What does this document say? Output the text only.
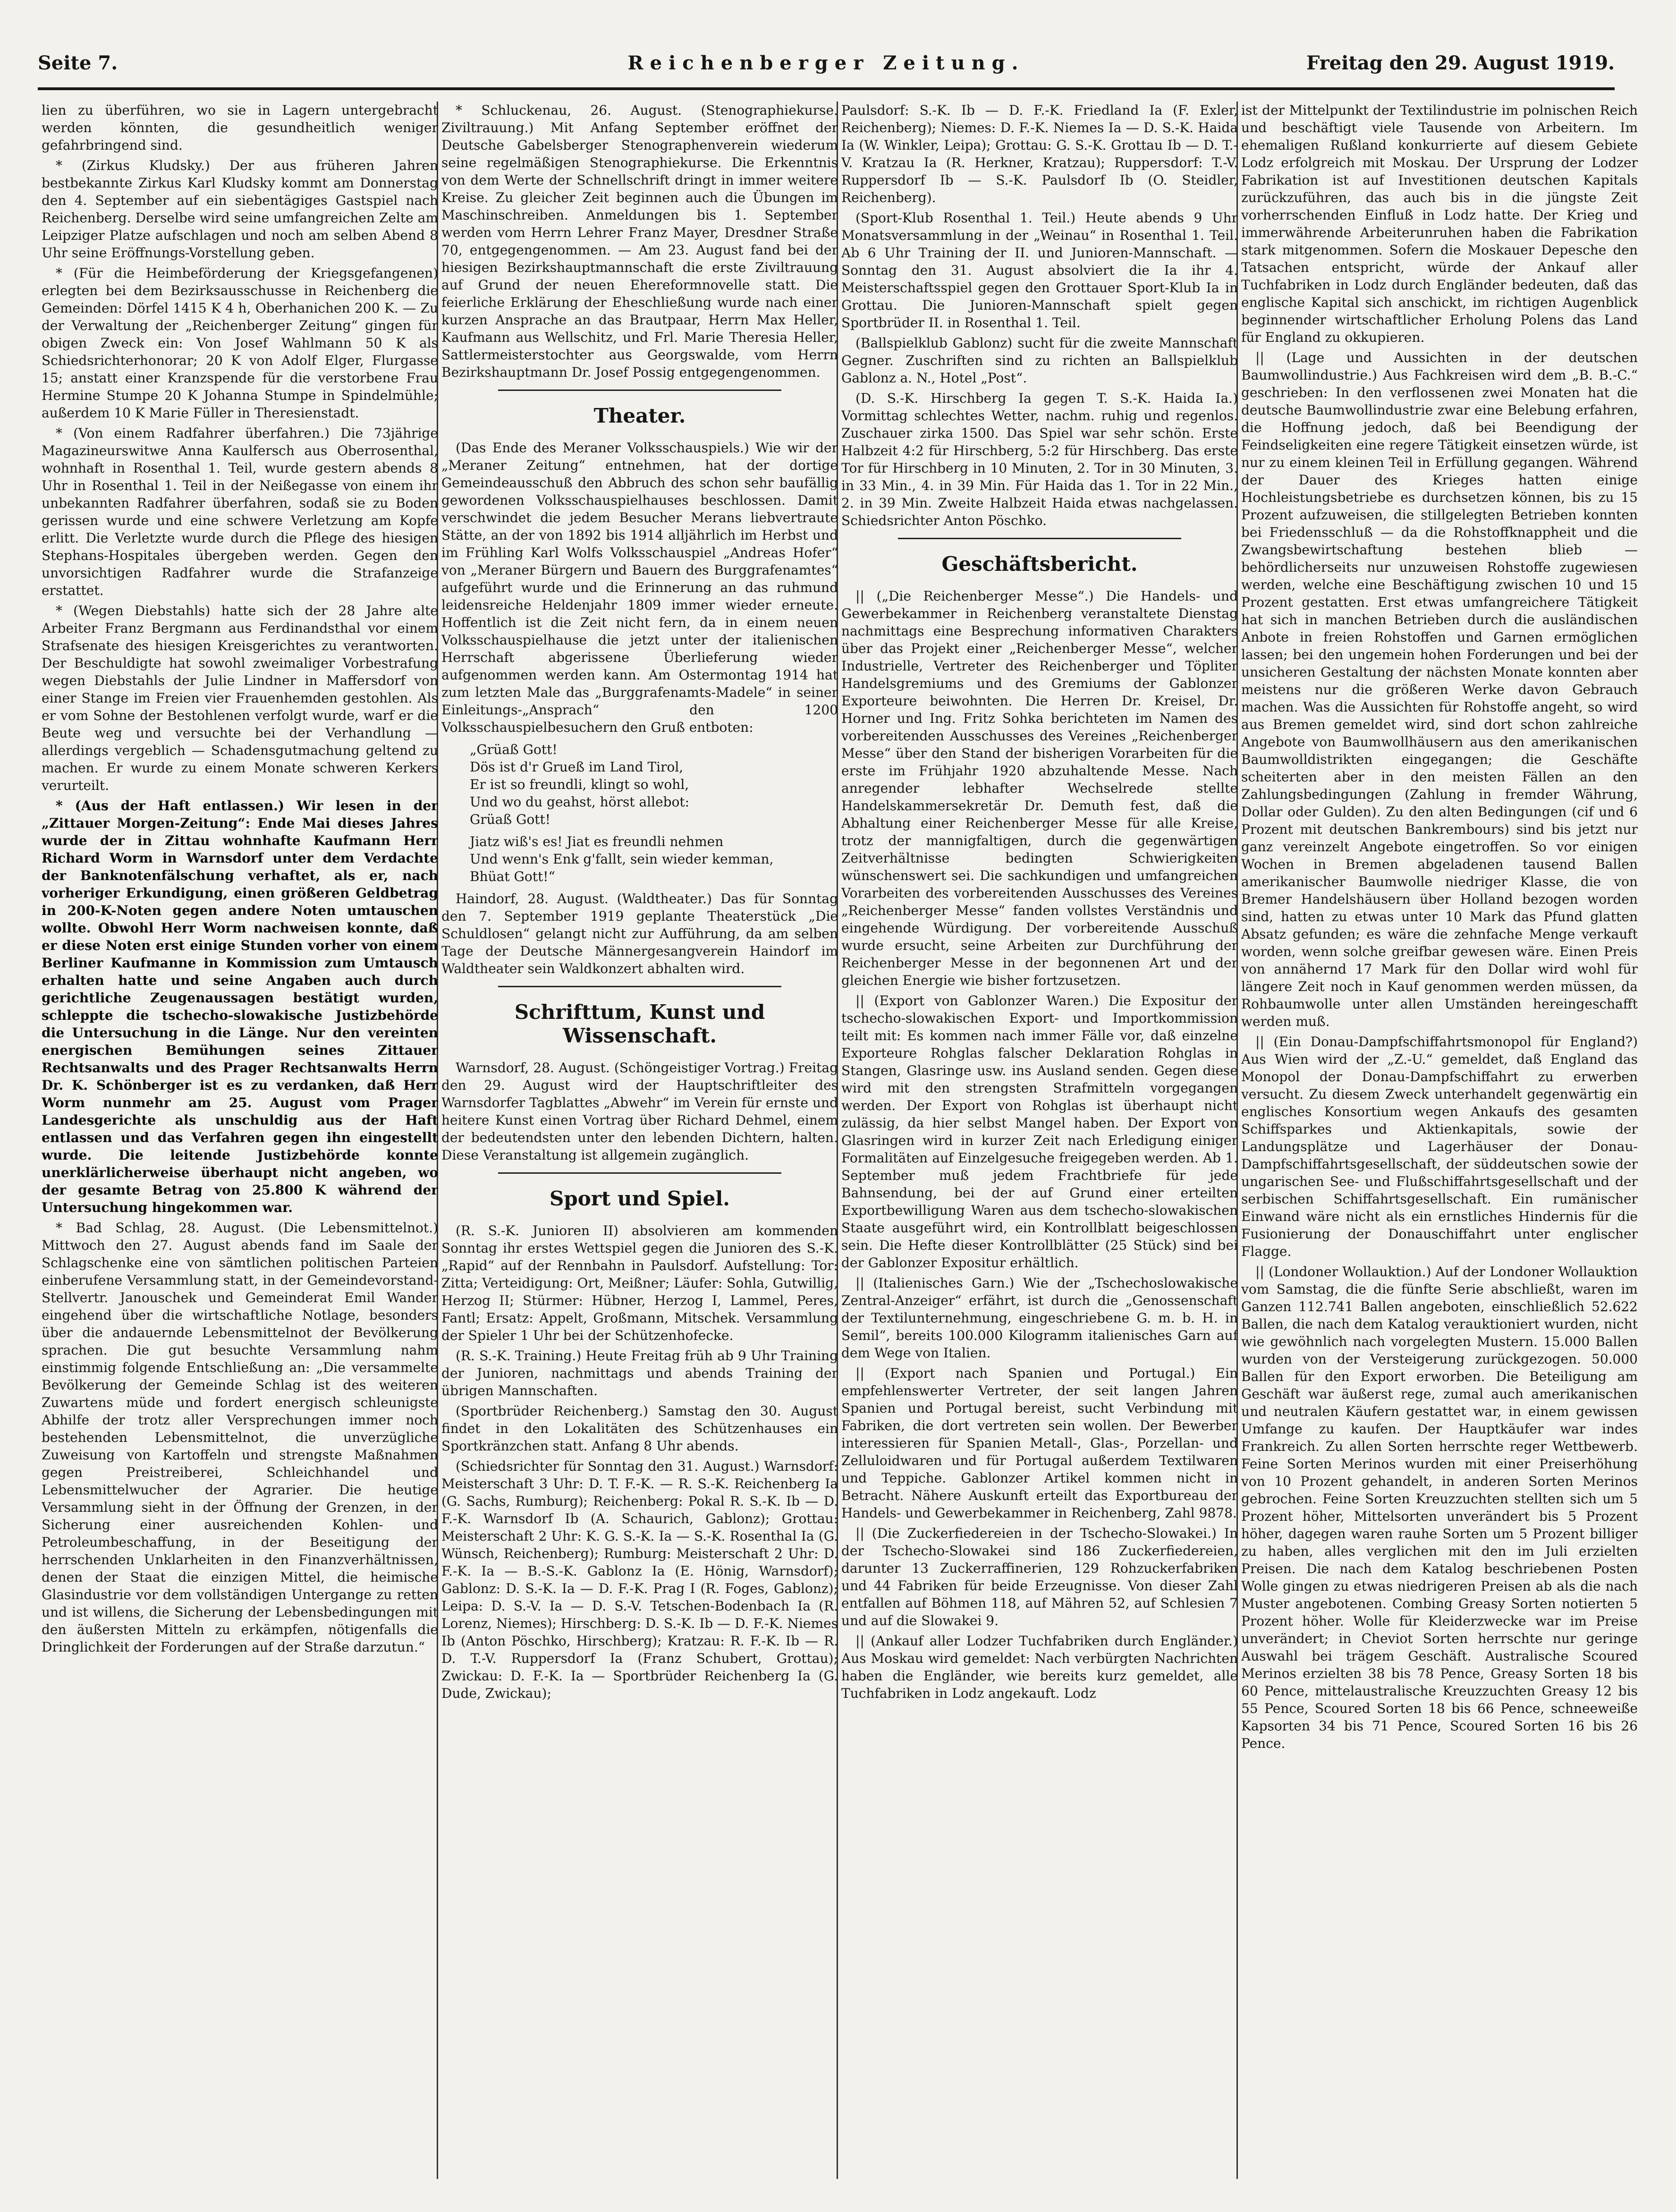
Seite 7.	Reichenberger Zeitung.	Freitag den 29. August 1919.

lien zu überführen, wo sie in Lagern untergebracht werden könnten, die gesundheitlich weniger gefahrbringend sind.

* (Zirkus Kludsky.) Der aus früheren Jahren bestbekannte Zirkus Karl Kludsky kommt am Donnerstag den 4. September auf ein siebentägiges Gastspiel nach Reichenberg. Derselbe wird seine umfangreichen Zelte am Leipziger Platze aufschlagen und noch am selben Abend 8 Uhr seine Eröffnungs-Vorstellung geben.

* (Für die Heimbeförderung der Kriegsgefangenen) erlegten bei dem Bezirksausschusse in Reichenberg die Gemeinden: Dörfel 1415 K 4 h, Oberhanichen 200 K. — Zu der Verwaltung der „Reichenberger Zeitung“ gingen für obigen Zweck ein: Von Josef Wahlmann 50 K als Schiedsrichterhonorar; 20 K von Adolf Elger, Flurgasse 15; anstatt einer Kranzspende für die verstorbene Frau Hermine Stumpe 20 K Johanna Stumpe in Spindelmühle; außerdem 10 K Marie Füller in Theresienstadt.

* (Von einem Radfahrer überfahren.) Die 73jährige Magazineurswitwe Anna Kaulfersch aus Oberrosenthal, wohnhaft in Rosenthal 1. Teil, wurde gestern abends 8 Uhr in Rosenthal 1. Teil in der Neißegasse von einem ihr unbekannten Radfahrer überfahren, sodaß sie zu Boden gerissen wurde und eine schwere Verletzung am Kopfe erlitt. Die Verletzte wurde durch die Pflege des hiesigen Stephans-Hospitales übergeben werden. Gegen den unvorsichtigen Radfahrer wurde die Strafanzeige erstattet.

* (Wegen Diebstahls) hatte sich der 28 Jahre alte Arbeiter Franz Bergmann aus Ferdinandsthal vor einem Strafsenate des hiesigen Kreisgerichtes zu verantworten. Der Beschuldigte hat sowohl zweimaliger Vorbestrafung wegen Diebstahls der Julie Lindner in Maffersdorf von einer Stange im Freien vier Frauenhemden gestohlen. Als er vom Sohne der Bestohlenen verfolgt wurde, warf er die Beute weg und versuchte bei der Verhandlung — allerdings vergeblich — Schadensgutmachung geltend zu machen. Er wurde zu einem Monate schweren Kerkers verurteilt.

* (Aus der Haft entlassen.) Wir lesen in der „Zittauer Morgen-Zeitung“: Ende Mai dieses Jahres wurde der in Zittau wohnhafte Kaufmann Herr Richard Worm in Warnsdorf unter dem Verdachte der Banknotenfälschung verhaftet, als er, nach vorheriger Erkundigung, einen größeren Geldbetrag in 200-K-Noten gegen andere Noten umtauschen wollte. Obwohl Herr Worm nachweisen konnte, daß er diese Noten erst einige Stunden vorher von einem Berliner Kaufmanne in Kommission zum Umtausch erhalten hatte und seine Angaben auch durch gerichtliche Zeugenaussagen bestätigt wurden, schleppte die tschecho-slowakische Justizbehörde die Untersuchung in die Länge. Nur den vereinten energischen Bemühungen seines Zittauer Rechtsanwalts und des Prager Rechtsanwalts Herrn Dr. K. Schönberger ist es zu verdanken, daß Herr Worm nunmehr am 25. August vom Prager Landesgerichte als unschuldig aus der Haft entlassen und das Verfahren gegen ihn eingestellt wurde. Die leitende Justizbehörde konnte unerklärlicherweise überhaupt nicht angeben, wo der gesamte Betrag von 25.800 K während der Untersuchung hingekommen war.

* Bad Schlag, 28. August. (Die Lebensmittelnot.) Mittwoch den 27. August abends fand im Saale der Schlagschenke eine von sämtlichen politischen Parteien einberufene Versammlung statt, in der Gemeindevorstand-Stellvertr. Janouschek und Gemeinderat Emil Wander eingehend über die wirtschaftliche Notlage, besonders über die andauernde Lebensmittelnot der Bevölkerung sprachen. Die gut besuchte Versammlung nahm einstimmig folgende Entschließung an: „Die versammelte Bevölkerung der Gemeinde Schlag ist des weiteren Zuwartens müde und fordert energisch schleunigste Abhilfe der trotz aller Versprechungen immer noch bestehenden Lebensmittelnot, die unverzügliche Zuweisung von Kartoffeln und strengste Maßnahmen gegen Preistreiberei, Schleichhandel und Lebensmittelwucher der Agrarier. Die heutige Versammlung sieht in der Öffnung der Grenzen, in der Sicherung einer ausreichenden Kohlen- und Petroleumbeschaffung, in der Beseitigung der herrschenden Unklarheiten in den Finanzverhältnissen, denen der Staat die einzigen Mittel, die heimische Glasindustrie vor dem vollständigen Untergange zu retten und ist willens, die Sicherung der Lebensbedingungen mit den äußersten Mitteln zu erkämpfen, nötigenfalls die Dringlichkeit der Forderungen auf der Straße darzutun.“

* Schluckenau, 26. August. (Stenographiekurse. Ziviltrauung.) Mit Anfang September eröffnet der Deutsche Gabelsberger Stenographenverein wiederum seine regelmäßigen Stenographiekurse. Die Erkenntnis von dem Werte der Schnellschrift dringt in immer weitere Kreise. Zu gleicher Zeit beginnen auch die Übungen im Maschinschreiben. Anmeldungen bis 1. September werden vom Herrn Lehrer Franz Mayer, Dresdner Straße 70, entgegengenommen. — Am 23. August fand bei der hiesigen Bezirkshauptmannschaft die erste Ziviltrauung auf Grund der neuen Ehereformnovelle statt. Die feierliche Erklärung der Eheschließung wurde nach einer kurzen Ansprache an das Brautpaar, Herrn Max Heller, Kaufmann aus Wellschitz, und Frl. Marie Theresia Heller, Sattlermeisterstochter aus Georgswalde, vom Herrn Bezirkshauptmann Dr. Josef Possig entgegengenommen.

Theater.

(Das Ende des Meraner Volksschauspiels.) Wie wir der „Meraner Zeitung“ entnehmen, hat der dortige Gemeindeausschuß den Abbruch des schon sehr baufällig gewordenen Volksschauspielhauses beschlossen. Damit verschwindet die jedem Besucher Merans liebvertraute Stätte, an der von 1892 bis 1914 alljährlich im Herbst und im Frühling Karl Wolfs Volksschauspiel „Andreas Hofer“ von „Meraner Bürgern und Bauern des Burggrafenamtes“ aufgeführt wurde und die Erinnerung an das ruhmund leidensreiche Heldenjahr 1809 immer wieder erneute. Hoffentlich ist die Zeit nicht fern, da in einem neuen Volksschauspielhause die jetzt unter der italienischen Herrschaft abgerissene Überlieferung wieder aufgenommen werden kann. Am Ostermontag 1914 hat zum letzten Male das „Burggrafenamts-Madele“ in seiner Einleitungs-„Ansprach“ den 1200 Volksschauspielbesuchern den Gruß entboten:

„Grüaß Gott!
Dös ist d'r Grueß im Land Tirol,
Er ist so freundli, klingt so wohl,
Und wo du geahst, hörst allebot:
Grüaß Gott!

Jiatz wiß's es! Jiat es freundli nehmen
Und wenn's Enk g'fallt, sein wieder kemman,
Bhüat Gott!“

Haindorf, 28. August. (Waldtheater.) Das für Sonntag den 7. September 1919 geplante Theaterstück „Die Schuldlosen“ gelangt nicht zur Aufführung, da am selben Tage der Deutsche Männergesangverein Haindorf im Waldtheater sein Waldkonzert abhalten wird.

Schrifttum, Kunst und Wissenschaft.

Warnsdorf, 28. August. (Schöngeistiger Vortrag.) Freitag den 29. August wird der Hauptschriftleiter des Warnsdorfer Tagblattes „Abwehr“ im Verein für ernste und heitere Kunst einen Vortrag über Richard Dehmel, einem der bedeutendsten unter den lebenden Dichtern, halten. Diese Veranstaltung ist allgemein zugänglich.

Sport und Spiel.

(R. S.-K. Junioren II) absolvieren am kommenden Sonntag ihr erstes Wettspiel gegen die Junioren des S.-K. „Rapid“ auf der Rennbahn in Paulsdorf. Aufstellung: Tor: Zitta; Verteidigung: Ort, Meißner; Läufer: Sohla, Gutwillig, Herzog II; Stürmer: Hübner, Herzog I, Lammel, Peres, Fantl; Ersatz: Appelt, Großmann, Mitschek. Versammlung der Spieler 1 Uhr bei der Schützenhofecke.

(R. S.-K. Training.) Heute Freitag früh ab 9 Uhr Training der Junioren, nachmittags und abends Training der übrigen Mannschaften.

(Sportbrüder Reichenberg.) Samstag den 30. August findet in den Lokalitäten des Schützenhauses ein Sportkränzchen statt. Anfang 8 Uhr abends.

(Schiedsrichter für Sonntag den 31. August.) Warnsdorf: Meisterschaft 3 Uhr: D. T. F.-K. — R. S.-K. Reichenberg Ia (G. Sachs, Rumburg); Reichenberg: Pokal R. S.-K. Ib — D. F.-K. Warnsdorf Ib (A. Schaurich, Gablonz); Grottau: Meisterschaft 2 Uhr: K. G. S.-K. Ia — S.-K. Rosenthal Ia (G. Wünsch, Reichenberg); Rumburg: Meisterschaft 2 Uhr: D. F.-K. Ia — B.-S.-K. Gablonz Ia (E. Hönig, Warnsdorf); Gablonz: D. S.-K. Ia — D. F.-K. Prag I (R. Foges, Gablonz); Leipa: D. S.-V. Ia — D. S.-V. Tetschen-Bodenbach Ia (R. Lorenz, Niemes); Hirschberg: D. S.-K. Ib — D. F.-K. Niemes Ib (Anton Pöschko, Hirschberg); Kratzau: R. F.-K. Ib — R. D. T.-V. Ruppersdorf Ia (Franz Schubert, Grottau); Zwickau: D. F.-K. Ia — Sportbrüder Reichenberg Ia (G. Dude, Zwickau);

Paulsdorf: S.-K. Ib — D. F.-K. Friedland Ia (F. Exler, Reichenberg); Niemes: D. F.-K. Niemes Ia — D. S.-K. Haida Ia (W. Winkler, Leipa); Grottau: G. S.-K. Grottau Ib — D. T.-V. Kratzau Ia (R. Herkner, Kratzau); Ruppersdorf: T.-V. Ruppersdorf Ib — S.-K. Paulsdorf Ib (O. Steidler, Reichenberg).

(Sport-Klub Rosenthal 1. Teil.) Heute abends 9 Uhr Monatsversammlung in der „Weinau“ in Rosenthal 1. Teil. Ab 6 Uhr Training der II. und Junioren-Mannschaft. — Sonntag den 31. August absolviert die Ia ihr 4. Meisterschaftsspiel gegen den Grottauer Sport-Klub Ia in Grottau. Die Junioren-Mannschaft spielt gegen Sportbrüder II. in Rosenthal 1. Teil.

(Ballspielklub Gablonz) sucht für die zweite Mannschaft Gegner. Zuschriften sind zu richten an Ballspielklub Gablonz a. N., Hotel „Post“.

(D. S.-K. Hirschberg Ia gegen T. S.-K. Haida Ia.) Vormittag schlechtes Wetter, nachm. ruhig und regenlos. Zuschauer zirka 1500. Das Spiel war sehr schön. Erste Halbzeit 4:2 für Hirschberg, 5:2 für Hirschberg. Das erste Tor für Hirschberg in 10 Minuten, 2. Tor in 30 Minuten, 3. in 33 Min., 4. in 39 Min. Für Haida das 1. Tor in 22 Min., 2. in 39 Min. Zweite Halbzeit Haida etwas nachgelassen. Schiedsrichter Anton Pöschko.

Geschäftsbericht.

|| („Die Reichenberger Messe“.) Die Handels- und Gewerbekammer in Reichenberg veranstaltete Dienstag nachmittags eine Besprechung informativen Charakters über das Projekt einer „Reichenberger Messe“, welcher Industrielle, Vertreter des Reichenberger und Töpliter Handelsgremiums und des Gremiums der Gablonzer Exporteure beiwohnten. Die Herren Dr. Kreisel, Dr. Horner und Ing. Fritz Sohka berichteten im Namen des vorbereitenden Ausschusses des Vereines „Reichenberger Messe“ über den Stand der bisherigen Vorarbeiten für die erste im Frühjahr 1920 abzuhaltende Messe. Nach anregender lebhafter Wechselrede stellte Handelskammersekretär Dr. Demuth fest, daß die Abhaltung einer Reichenberger Messe für alle Kreise, trotz der mannigfaltigen, durch die gegenwärtigen Zeitverhältnisse bedingten Schwierigkeiten wünschenswert sei. Die sachkundigen und umfangreichen Vorarbeiten des vorbereitenden Ausschusses des Vereines „Reichenberger Messe“ fanden vollstes Verständnis und eingehende Würdigung. Der vorbereitende Ausschuß wurde ersucht, seine Arbeiten zur Durchführung der Reichenberger Messe in der begonnenen Art und der gleichen Energie wie bisher fortzusetzen.

|| (Export von Gablonzer Waren.) Die Expositur der tschecho-slowakischen Export- und Importkommission teilt mit: Es kommen nach immer Fälle vor, daß einzelne Exporteure Rohglas falscher Deklaration Rohglas in Stangen, Glasringe usw. ins Ausland senden. Gegen diese wird mit den strengsten Strafmitteln vorgegangen werden. Der Export von Rohglas ist überhaupt nicht zulässig, da hier selbst Mangel haben. Der Export von Glasringen wird in kurzer Zeit nach Erledigung einiger Formalitäten auf Einzelgesuche freigegeben werden. Ab 1. September muß jedem Frachtbriefe für jede Bahnsendung, bei der auf Grund einer erteilten Exportbewilligung Waren aus dem tschecho-slowakischen Staate ausgeführt wird, ein Kontrollblatt beigeschlossen sein. Die Hefte dieser Kontrollblätter (25 Stück) sind bei der Gablonzer Expositur erhältlich.

|| (Italienisches Garn.) Wie der „Tschechoslowakische Zentral-Anzeiger“ erfährt, ist durch die „Genossenschaft der Textilunternehmung, eingeschriebene G. m. b. H. in Semil“, bereits 100.000 Kilogramm italienisches Garn auf dem Wege von Italien.

|| (Export nach Spanien und Portugal.) Ein empfehlenswerter Vertreter, der seit langen Jahren Spanien und Portugal bereist, sucht Verbindung mit Fabriken, die dort vertreten sein wollen. Der Bewerber interessieren für Spanien Metall-, Glas-, Porzellan- und Zelluloidwaren und für Portugal außerdem Textilwaren und Teppiche. Gablonzer Artikel kommen nicht in Betracht. Nähere Auskunft erteilt das Exportbureau der Handels- und Gewerbekammer in Reichenberg, Zahl 9878.

|| (Die Zuckerfiedereien in der Tschecho-Slowakei.) In der Tschecho-Slowakei sind 186 Zuckerfiedereien, darunter 13 Zuckerraffinerien, 129 Rohzuckerfabriken und 44 Fabriken für beide Erzeugnisse. Von dieser Zahl entfallen auf Böhmen 118, auf Mähren 52, auf Schlesien 7 und auf die Slowakei 9.

|| (Ankauf aller Lodzer Tuchfabriken durch Engländer.) Aus Moskau wird gemeldet: Nach verbürgten Nachrichten haben die Engländer, wie bereits kurz gemeldet, alle Tuchfabriken in Lodz angekauft. Lodz

ist der Mittelpunkt der Textilindustrie im polnischen Reich und beschäftigt viele Tausende von Arbeitern. Im ehemaligen Rußland konkurrierte auf diesem Gebiete Lodz erfolgreich mit Moskau. Der Ursprung der Lodzer Fabrikation ist auf Investitionen deutschen Kapitals zurückzuführen, das auch bis in die jüngste Zeit vorherrschenden Einfluß in Lodz hatte. Der Krieg und immerwährende Arbeiterunruhen haben die Fabrikation stark mitgenommen. Sofern die Moskauer Depesche den Tatsachen entspricht, würde der Ankauf aller Tuchfabriken in Lodz durch Engländer bedeuten, daß das englische Kapital sich anschickt, im richtigen Augenblick beginnender wirtschaftlicher Erholung Polens das Land für England zu okkupieren.

|| (Lage und Aussichten in der deutschen Baumwollindustrie.) Aus Fachkreisen wird dem „B. B.-C.“ geschrieben: In den verflossenen zwei Monaten hat die deutsche Baumwollindustrie zwar eine Belebung erfahren, die Hoffnung jedoch, daß bei Beendigung der Feindseligkeiten eine regere Tätigkeit einsetzen würde, ist nur zu einem kleinen Teil in Erfüllung gegangen. Während der Dauer des Krieges hatten einige Hochleistungsbetriebe es durchsetzen können, bis zu 15 Prozent aufzuweisen, die stillgelegten Betrieben konnten bei Friedensschluß — da die Rohstoffknappheit und die Zwangsbewirtschaftung bestehen blieb — behördlicherseits nur unzuweisen Rohstoffe zugewiesen werden, welche eine Beschäftigung zwischen 10 und 15 Prozent gestatten. Erst etwas umfangreichere Tätigkeit hat sich in manchen Betrieben durch die ausländischen Anbote in freien Rohstoffen und Garnen ermöglichen lassen; bei den ungemein hohen Forderungen und bei der unsicheren Gestaltung der nächsten Monate konnten aber meistens nur die größeren Werke davon Gebrauch machen. Was die Aussichten für Rohstoffe angeht, so wird aus Bremen gemeldet wird, sind dort schon zahlreiche Angebote von Baumwollhäusern aus den amerikanischen Baumwolldistrikten eingegangen; die Geschäfte scheiterten aber in den meisten Fällen an den Zahlungsbedingungen (Zahlung in fremder Währung, Dollar oder Gulden). Zu den alten Bedingungen (cif und 6 Prozent mit deutschen Bankrembours) sind bis jetzt nur ganz vereinzelt Angebote eingetroffen. So vor einigen Wochen in Bremen abgeladenen tausend Ballen amerikanischer Baumwolle niedriger Klasse, die von Bremer Handelshäusern über Holland bezogen worden sind, hatten zu etwas unter 10 Mark das Pfund glatten Absatz gefunden; es wäre die zehnfache Menge verkauft worden, wenn solche greifbar gewesen wäre. Einen Preis von annähernd 17 Mark für den Dollar wird wohl für längere Zeit noch in Kauf genommen werden müssen, da Rohbaumwolle unter allen Umständen hereingeschafft werden muß.

|| (Ein Donau-Dampfschiffahrtsmonopol für England?) Aus Wien wird der „Z.-U.“ gemeldet, daß England das Monopol der Donau-Dampfschiffahrt zu erwerben versucht. Zu diesem Zweck unterhandelt gegenwärtig ein englisches Konsortium wegen Ankaufs des gesamten Schiffsparkes und Aktienkapitals, sowie der Landungsplätze und Lagerhäuser der Donau-Dampfschiffahrtsgesellschaft, der süddeutschen sowie der ungarischen See- und Flußschiffahrtsgesellschaft und der serbischen Schiffahrtsgesellschaft. Ein rumänischer Einwand wäre nicht als ein ernstliches Hindernis für die Fusionierung der Donauschiffahrt unter englischer Flagge.

|| (Londoner Wollauktion.) Auf der Londoner Wollauktion vom Samstag, die die fünfte Serie abschließt, waren im Ganzen 112.741 Ballen angeboten, einschließlich 52.622 Ballen, die nach dem Katalog verauktioniert wurden, nicht wie gewöhnlich nach vorgelegten Mustern. 15.000 Ballen wurden von der Versteigerung zurückgezogen. 50.000 Ballen für den Export erworben. Die Beteiligung am Geschäft war äußerst rege, zumal auch amerikanischen und neutralen Käufern gestattet war, in einem gewissen Umfange zu kaufen. Der Hauptkäufer war indes Frankreich. Zu allen Sorten herrschte reger Wettbewerb. Feine Sorten Merinos wurden mit einer Preiserhöhung von 10 Prozent gehandelt, in anderen Sorten Merinos gebrochen. Feine Sorten Kreuzzuchten stellten sich um 5 Prozent höher, Mittelsorten unverändert bis 5 Prozent höher, dagegen waren rauhe Sorten um 5 Prozent billiger zu haben, alles verglichen mit den im Juli erzielten Preisen. Die nach dem Katalog beschriebenen Posten Wolle gingen zu etwas niedrigeren Preisen ab als die nach Muster angebotenen. Combing Greasy Sorten notierten 5 Prozent höher. Wolle für Kleiderzwecke war im Preise unverändert; in Cheviot Sorten herrschte nur geringe Auswahl bei trägem Geschäft. Australische Scoured Merinos erzielten 38 bis 78 Pence, Greasy Sorten 18 bis 60 Pence, mittelaustralische Kreuzzuchten Greasy 12 bis 55 Pence, Scoured Sorten 18 bis 66 Pence, schneeweiße Kapsorten 34 bis 71 Pence, Scoured Sorten 16 bis 26 Pence.
